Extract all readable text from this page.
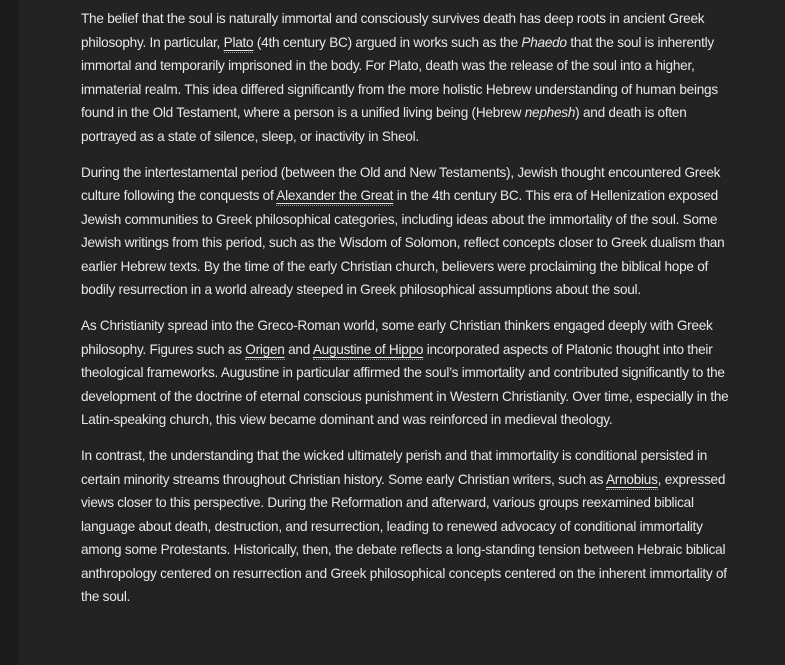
The belief that the soul is naturally immortal and consciously survives death has deep roots in ancient Greek philosophy. In particular, Plato (4th century BC) argued in works such as the Phaedo that the soul is inherently immortal and temporarily imprisoned in the body. For Plato, death was the release of the soul into a higher, immaterial realm. This idea differed significantly from the more holistic Hebrew understanding of human beings found in the Old Testament, where a person is a unified living being (Hebrew nephesh) and death is often portrayed as a state of silence, sleep, or inactivity in Sheol.

During the intertestamental period (between the Old and New Testaments), Jewish thought encountered Greek culture following the conquests of Alexander the Great in the 4th century BC. This era of Hellenization exposed Jewish communities to Greek philosophical categories, including ideas about the immortality of the soul. Some Jewish writings from this period, such as the Wisdom of Solomon, reflect concepts closer to Greek dualism than earlier Hebrew texts. By the time of the early Christian church, believers were proclaiming the biblical hope of bodily resurrection in a world already steeped in Greek philosophical assumptions about the soul.

As Christianity spread into the Greco-Roman world, some early Christian thinkers engaged deeply with Greek philosophy. Figures such as Origen and Augustine of Hippo incorporated aspects of Platonic thought into their theological frameworks. Augustine in particular affirmed the soul’s immortality and contributed significantly to the development of the doctrine of eternal conscious punishment in Western Christianity. Over time, especially in the Latin-speaking church, this view became dominant and was reinforced in medieval theology.

In contrast, the understanding that the wicked ultimately perish and that immortality is conditional persisted in certain minority streams throughout Christian history. Some early Christian writers, such as Arnobius, expressed views closer to this perspective. During the Reformation and afterward, various groups reexamined biblical language about death, destruction, and resurrection, leading to renewed advocacy of conditional immortality among some Protestants. Historically, then, the debate reflects a long-standing tension between Hebraic biblical anthropology centered on resurrection and Greek philosophical concepts centered on the inherent immortality of the soul.
